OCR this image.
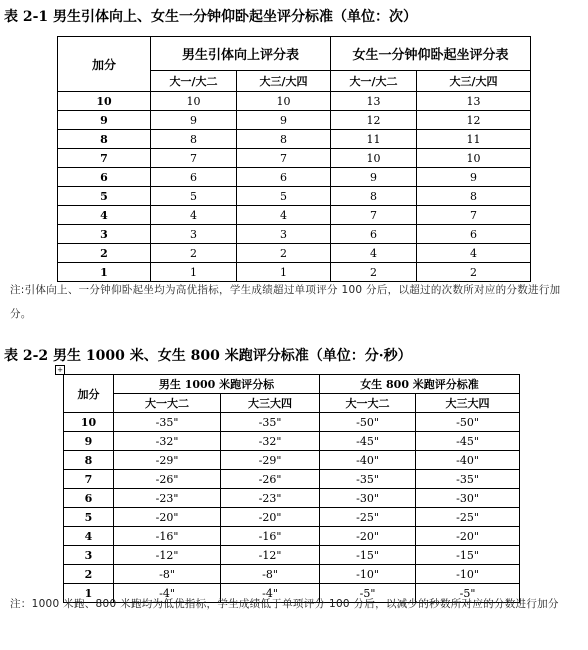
表 2-1 男生引体向上、女生一分钟仰卧起坐评分标准（单位：次）
加分	男生引体向上评分表		女生一分钟仰卧起坐评分表	
	大一/大二	大三/大四	大一/大二	大三/大四
10	10	10	13	13
9	9	9	12	12
8	8	8	11	11
7	7	7	10	10
6	6	6	9	9
5	5	5	8	8
4	4	4	7	7
3	3	3	6	6
2	2	2	4	4
1	1	1	2	2
注:引体向上、一分钟仰卧起坐均为高优指标，学生成绩超过单项评分 100 分后，以超过的次数所对应的分数进行加分。
表 2-2 男生 1000 米、女生 800 米跑评分标准（单位：分·秒）
+
加分	男生 1000 米跑评分标		女生 800 米跑评分标准	
	大一大二	大三大四	大一大二	大三大四
10	-35"	-35"	-50"	-50"
9	-32"	-32"	-45"	-45"
8	-29"	-29"	-40"	-40"
7	-26"	-26"	-35"	-35"
6	-23"	-23"	-30"	-30"
5	-20"	-20"	-25"	-25"
4	-16"	-16"	-20"	-20"
3	-12"	-12"	-15"	-15"
2	-8"	-8"	-10"	-10"
1	-4"	-4"	-5"	-5"
注：1000 米跑、800 米跑均为低优指标，学生成绩低于单项评分 100 分后，以减少的秒数所对应的分数进行加分
